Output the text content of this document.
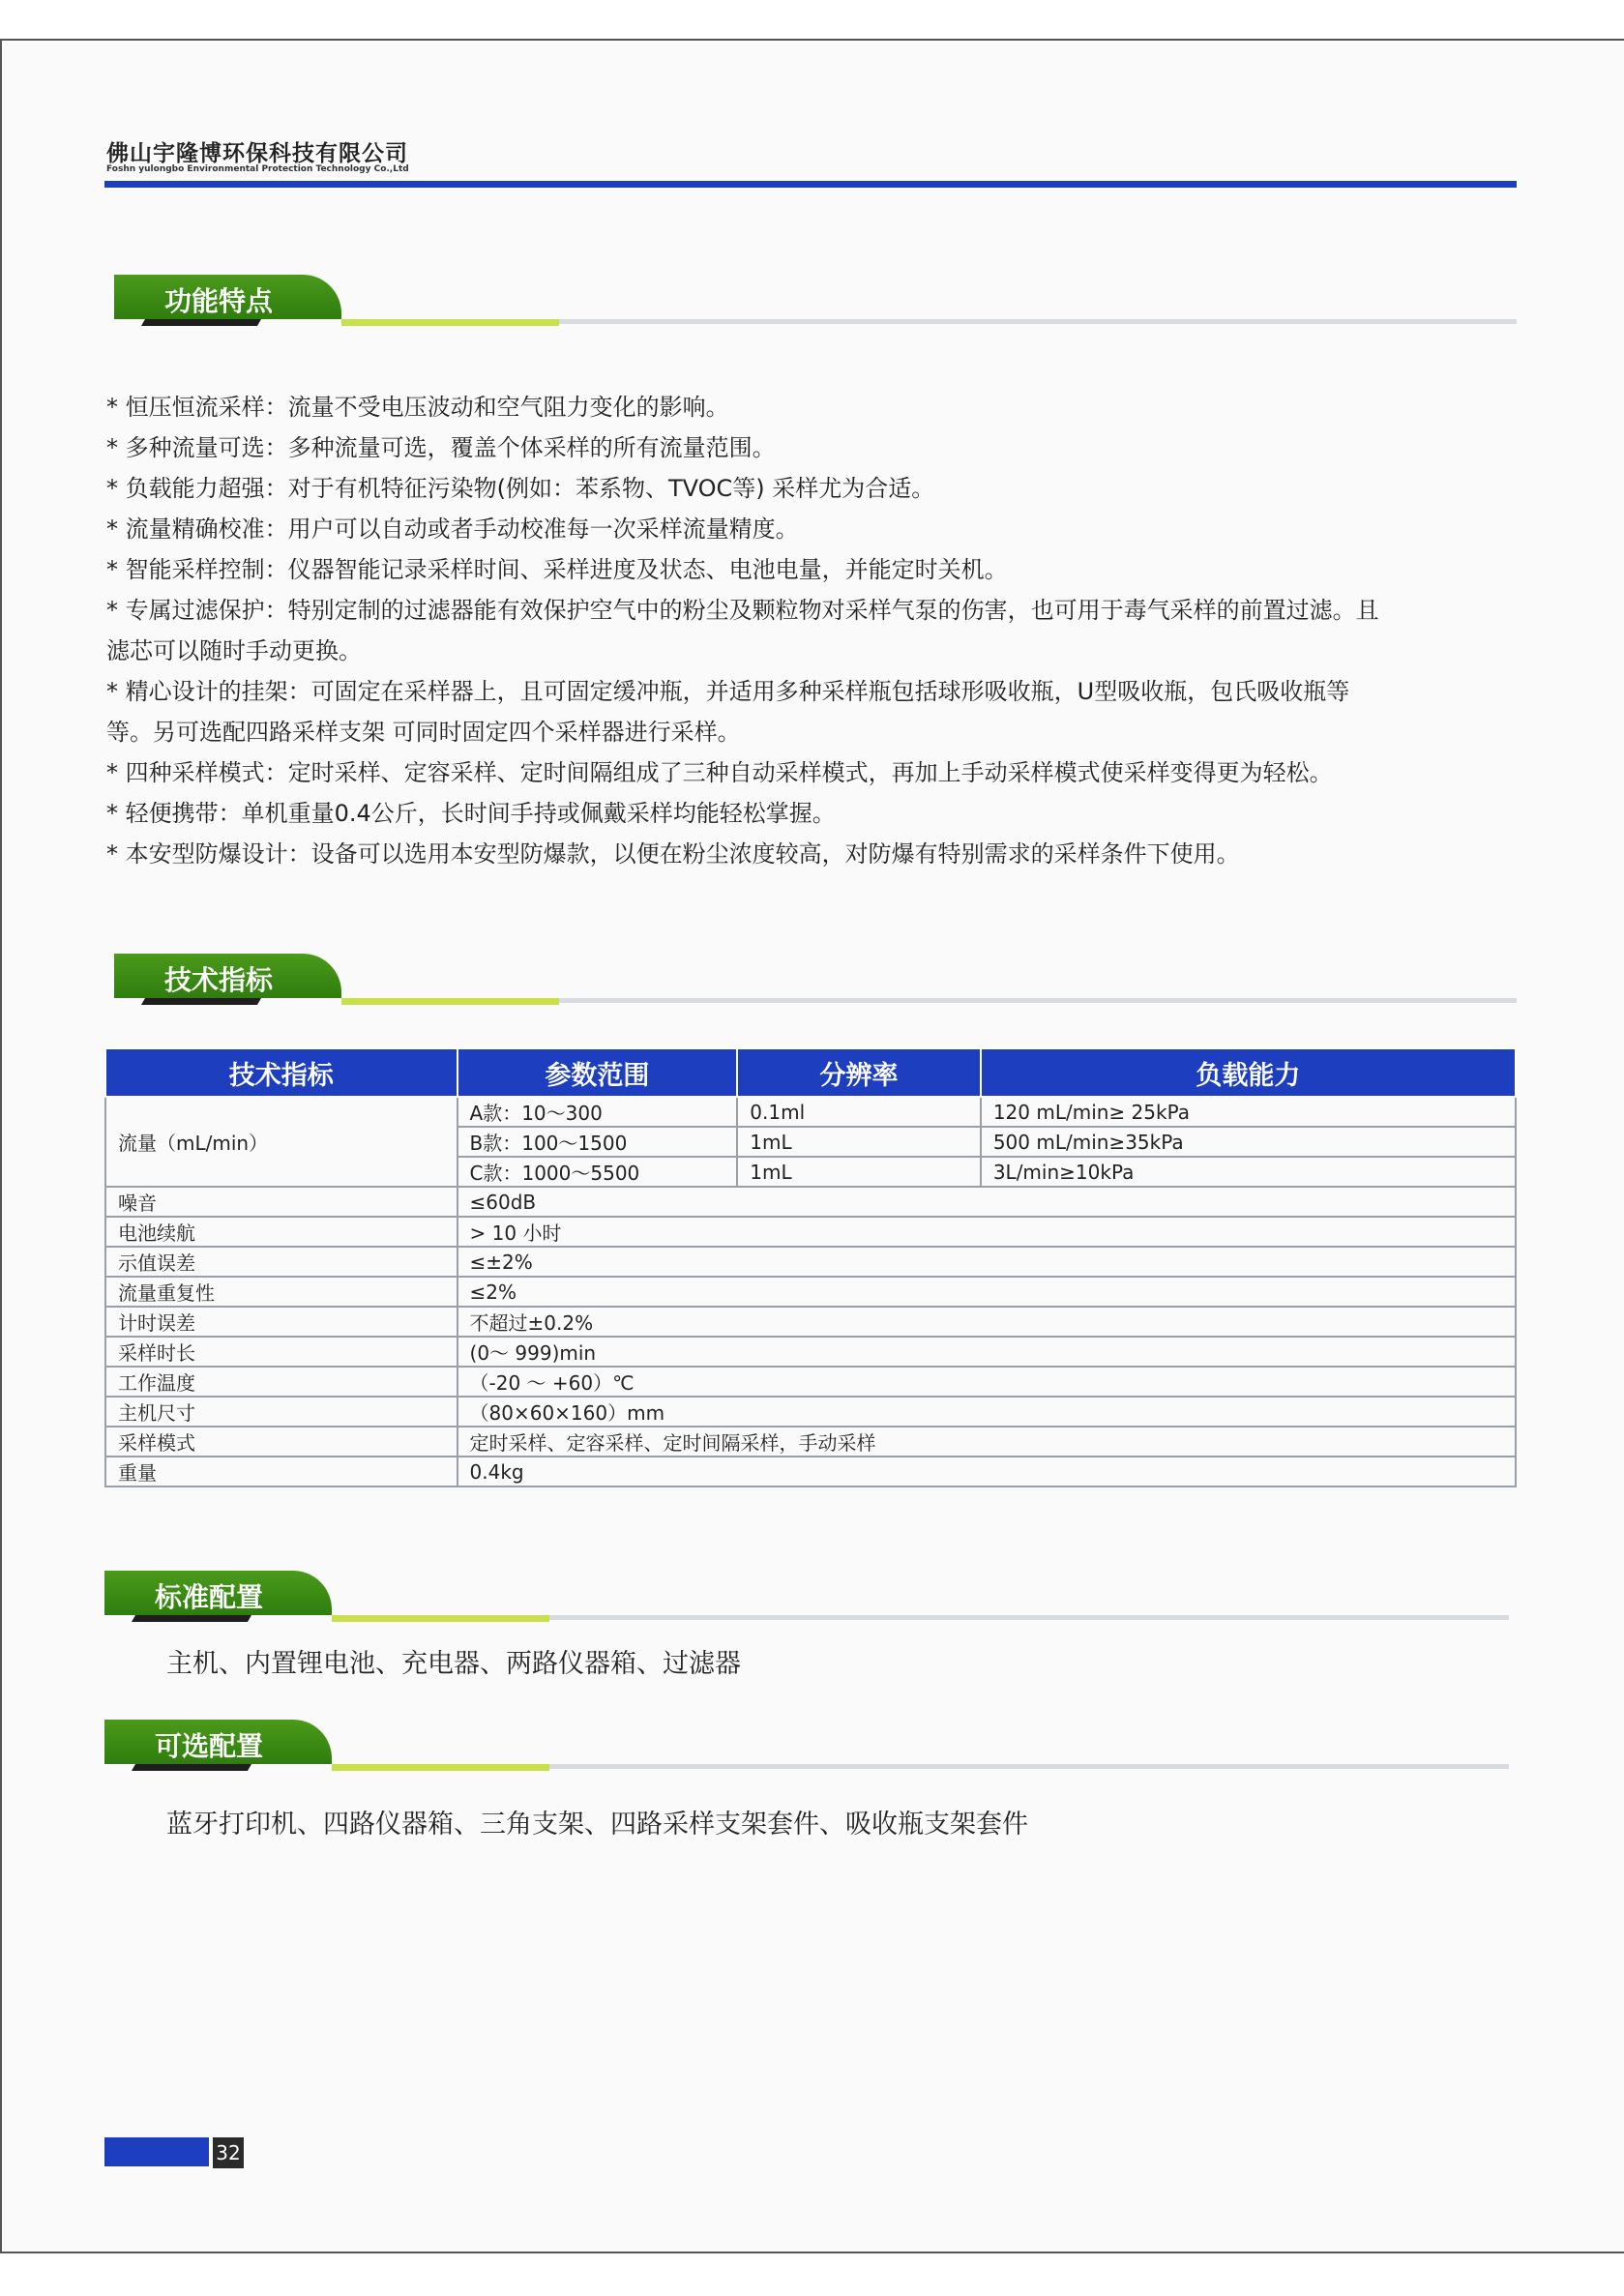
佛山宇隆博环保科技有限公司
Foshn yulongbo Environmental Protection Technology Co.,Ltd
功能特点

* 恒压恒流采样：流量不受电压波动和空气阻力变化的影响。

* 多种流量可选：多种流量可选，覆盖个体采样的所有流量范围。

* 负载能力超强：对于有机特征污染物(例如：苯系物、TVOC等) 采样尤为合适。

* 流量精确校准：用户可以自动或者手动校准每一次采样流量精度。

* 智能采样控制：仪器智能记录采样时间、采样进度及状态、电池电量，并能定时关机。

* 专属过滤保护：特别定制的过滤器能有效保护空气中的粉尘及颗粒物对采样气泵的伤害，也可用于毒气采样的前置过滤。且

滤芯可以随时手动更换。

* 精心设计的挂架：可固定在采样器上，且可固定缓冲瓶，并适用多种采样瓶包括球形吸收瓶，U型吸收瓶，包氏吸收瓶等

等。另可选配四路采样支架 可同时固定四个采样器进行采样。

* 四种采样模式：定时采样、定容采样、定时间隔组成了三种自动采样模式，再加上手动采样模式使采样变得更为轻松。

* 轻便携带：单机重量0.4公斤，长时间手持或佩戴采样均能轻松掌握。

* 本安型防爆设计：设备可以选用本安型防爆款，以便在粉尘浓度较高，对防爆有特别需求的采样条件下使用。

技术指标
技术指标	参数范围	分辨率	负载能力
流量（mL/min）	A款：10～300	0.1ml	120 mL/min≥ 25kPa
	B款：100～1500	1mL	500 mL/min≥35kPa
	C款：1000～5500	1mL	3L/min≥10kPa
噪音	≤60dB		
电池续航	> 10 小时		
示值误差	≤±2%		
流量重复性	≤2%		
计时误差	不超过±0.2%		
采样时长	(0～ 999)min		
工作温度	（-20 ～ +60）℃		
主机尺寸	（80×60×160）mm		
采样模式	定时采样、定容采样、定时间隔采样，手动采样		
重量	0.4kg		
标准配置
主机、内置锂电池、充电器、两路仪器箱、过滤器
可选配置
蓝牙打印机、四路仪器箱、三角支架、四路采样支架套件、吸收瓶支架套件
32
